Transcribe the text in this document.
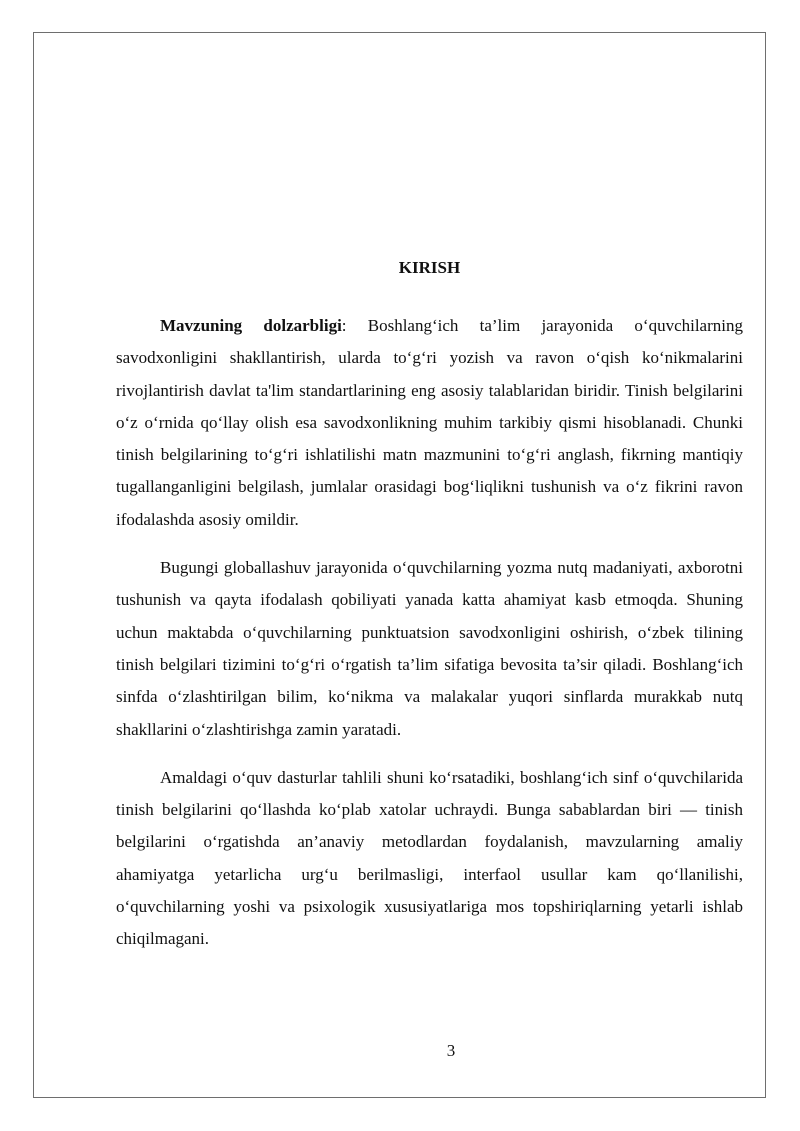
KIRISH

Mavzuning dolzarbligi: Boshlang‘ich ta’lim jarayonida o‘quvchilarning savodxonligini shakllantirish, ularda to‘g‘ri yozish va ravon o‘qish ko‘nikmalarini rivojlantirish davlat ta'lim standartlarining eng asosiy talablaridan biridir. Tinish belgilarini o‘z o‘rnida qo‘llay olish esa savodxonlikning muhim tarkibiy qismi hisoblanadi. Chunki tinish belgilarining to‘g‘ri ishlatilishi matn mazmunini to‘g‘ri anglash, fikrning mantiqiy tugallanganligini belgilash, jumlalar orasidagi bog‘liqlikni tushunish va o‘z fikrini ravon ifodalashda asosiy omildir.

Bugungi globallashuv jarayonida o‘quvchilarning yozma nutq madaniyati, axborotni tushunish va qayta ifodalash qobiliyati yanada katta ahamiyat kasb etmoqda. Shuning uchun maktabda o‘quvchilarning punktuatsion savodxonligini oshirish, o‘zbek tilining tinish belgilari tizimini to‘g‘ri o‘rgatish ta’lim sifatiga bevosita ta’sir qiladi. Boshlang‘ich sinfda o‘zlashtirilgan bilim, ko‘nikma va malakalar yuqori sinflarda murakkab nutq shakllarini o‘zlashtirishga zamin yaratadi.

Amaldagi o‘quv dasturlar tahlili shuni ko‘rsatadiki, boshlang‘ich sinf o‘quvchilarida tinish belgilarini qo‘llashda ko‘plab xatolar uchraydi. Bunga sabablardan biri — tinish belgilarini o‘rgatishda an’anaviy metodlardan foydalanish, mavzularning amaliy ahamiyatga yetarlicha urg‘u berilmasligi, interfaol usullar kam qo‘llanilishi, o‘quvchilarning yoshi va psixologik xususiyatlariga mos topshiriqlarning yetarli ishlab chiqilmagani.

3
